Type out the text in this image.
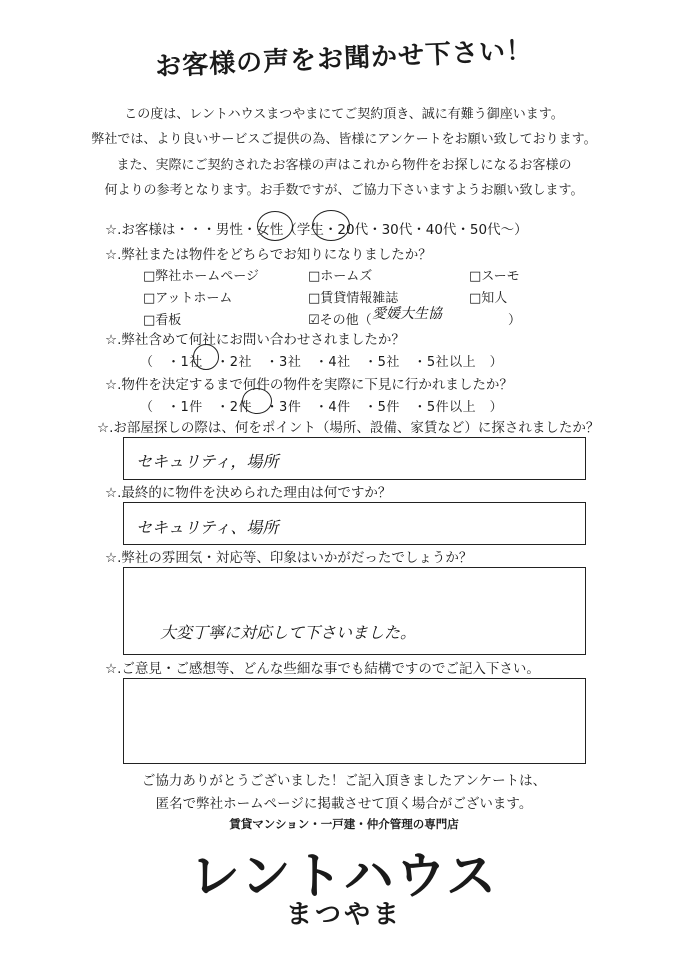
お客様の声をお聞かせ下さい！
この度は、レントハウスまつやまにてご契約頂き、誠に有難う御座います。
弊社では、より良いサービスご提供の為、皆様にアンケートをお願い致しております。
また、実際にご契約されたお客様の声はこれから物件をお探しになるお客様の
何よりの参考となります。お手数ですが、ご協力下さいますようお願い致します。
☆.お客様は・・・男性・女性（学生・20代・30代・40代・50代～）
☆.弊社または物件をどちらでお知りになりましたか？
□弊社ホームページ	□ホームズ	□スーモ
□アットホーム	□賃貸情報雑誌	□知人
□看板	☑その他（ 愛媛大生協	）
☆.弊社含めて何社にお問い合わせされましたか？
（　・1社　・2社　・3社　・4社　・5社　・5社以上　）
☆.物件を決定するまで何件の物件を実際に下見に行かれましたか？
（　・1件　・2件　・3件　・4件　・5件　・5件以上　）
☆.お部屋探しの際は、何をポイント（場所、設備、家賃など）に探されましたか？
セキュリティ，場所
☆.最終的に物件を決められた理由は何ですか？
セキュリティ、場所
☆.弊社の雰囲気・対応等、印象はいかがだったでしょうか？
大変丁寧に対応して下さいました。
☆.ご意見・ご感想等、どんな些細な事でも結構ですのでご記入下さい。
ご協力ありがとうございました！ご記入頂きましたアンケートは、
匿名で弊社ホームページに掲載させて頂く場合がございます。
賃貸マンション・一戸建・仲介管理の専門店
レントハウス
まつやま
